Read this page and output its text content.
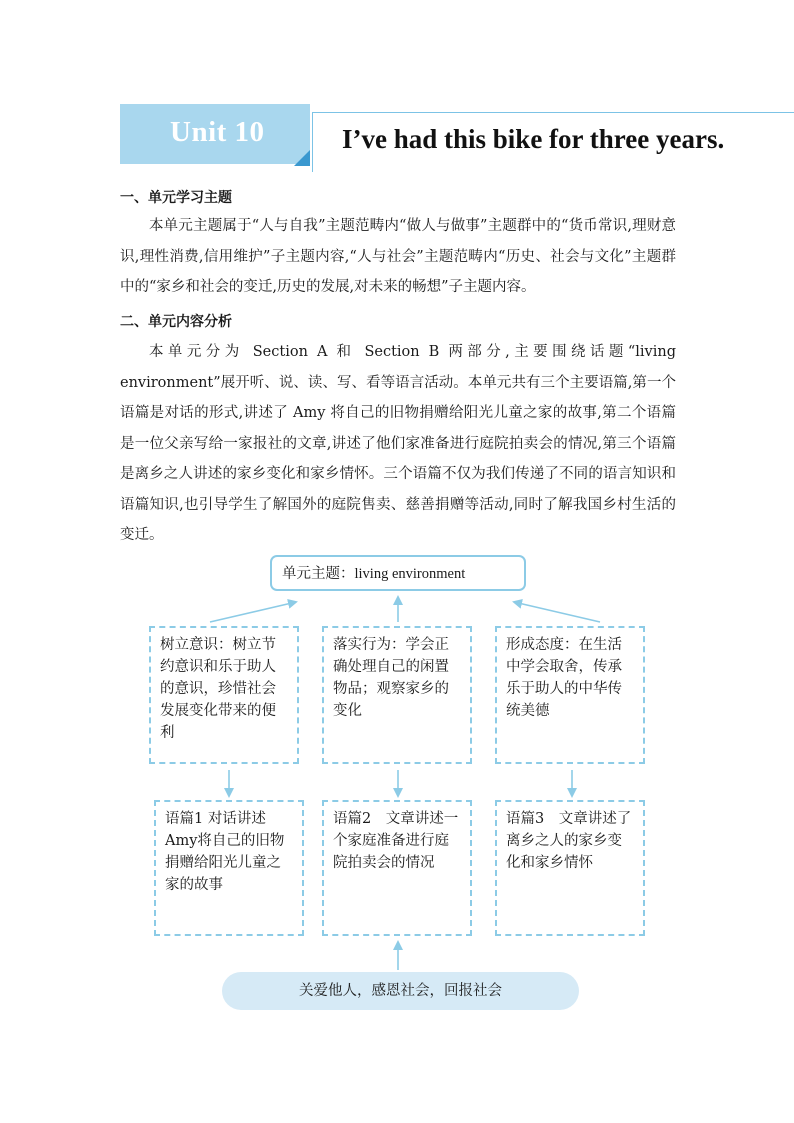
Unit 10	I’ve had this bike for three years.
一、单元学习主题

本单元主题属于“人与自我”主题范畴内“做人与做事”主题群中的“货币常识,理财意识,理性消费,信用维护”子主题内容,“人与社会”主题范畴内“历史、社会与文化”主题群中的“家乡和社会的变迁,历史的发展,对未来的畅想”子主题内容。

二、单元内容分析

本单元分为 Section A 和 Section B 两部分,主要围绕话题“living environment”展开听、说、读、写、看等语言活动。本单元共有三个主要语篇,第一个语篇是对话的形式,讲述了 Amy 将自己的旧物捐赠给阳光儿童之家的故事,第二个语篇是一位父亲写给一家报社的文章,讲述了他们家准备进行庭院拍卖会的情况,第三个语篇是离乡之人讲述的家乡变化和家乡情怀。三个语篇不仅为我们传递了不同的语言知识和语篇知识,也引导学生了解国外的庭院售卖、慈善捐赠等活动,同时了解我国乡村生活的变迁。

单元主题：living environment
树立意识：树立节约意识和乐于助人的意识，珍惜社会发展变化带来的便利
落实行为：学会正确处理自己的闲置物品；观察家乡的变化
形成态度：在生活中学会取舍，传承乐于助人的中华传统美德
语篇1 对话讲述Amy将自己的旧物捐赠给阳光儿童之家的故事
语篇2　文章讲述一个家庭准备进行庭院拍卖会的情况
语篇3　文章讲述了离乡之人的家乡变化和家乡情怀
关爱他人，感恩社会，回报社会
